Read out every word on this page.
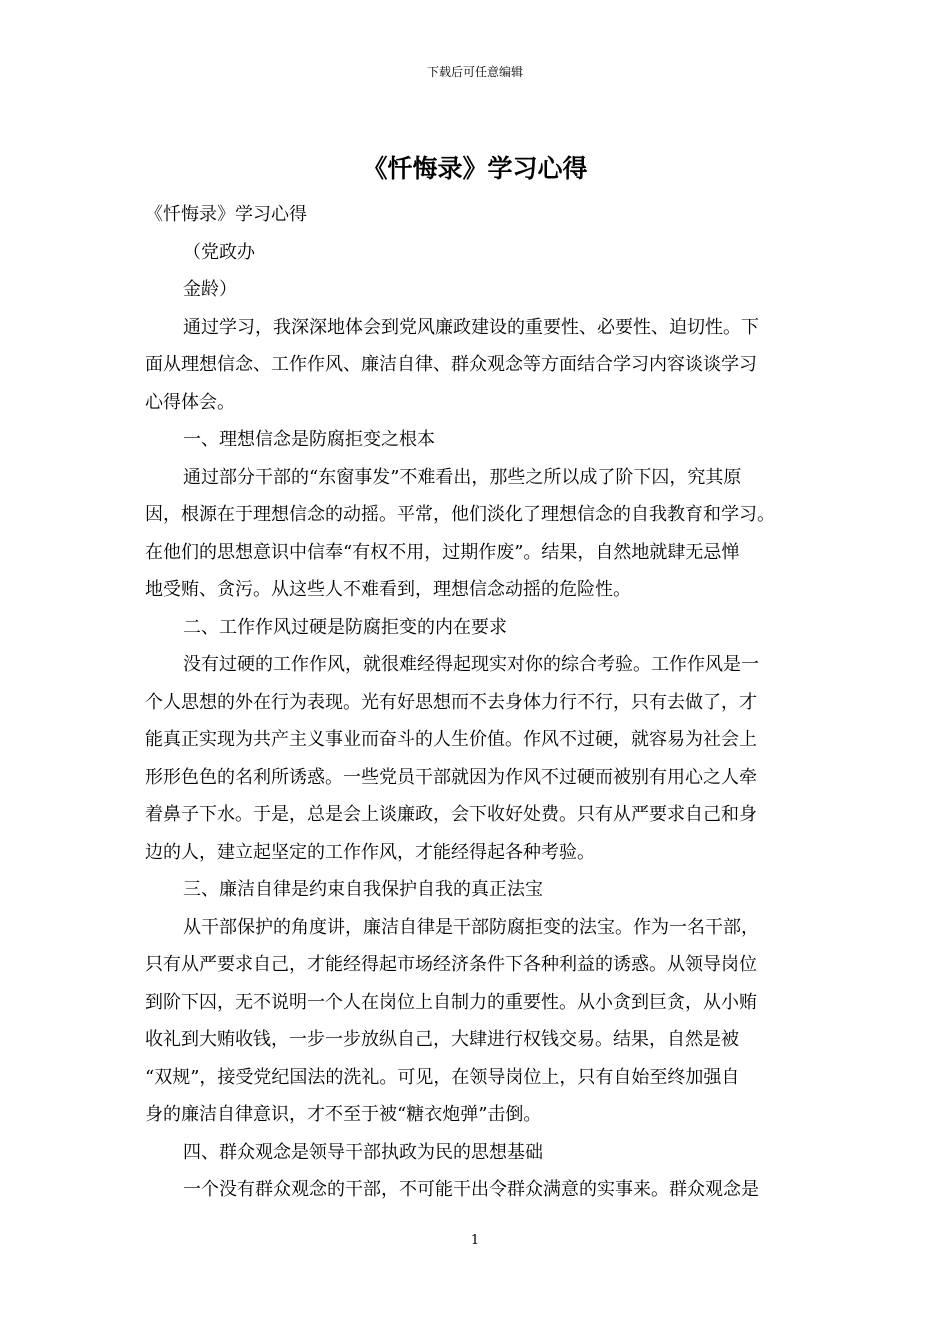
下载后可任意编辑
《忏悔录》学习心得

《忏悔录》学习心得

（党政办

金龄）

通过学习，我深深地体会到党风廉政建设的重要性、必要性、迫切性。下

面从理想信念、工作作风、廉洁自律、群众观念等方面结合学习内容谈谈学习

心得体会。

一、理想信念是防腐拒变之根本

通过部分干部的“东窗事发”不难看出，那些之所以成了阶下囚，究其原

因，根源在于理想信念的动摇。平常，他们淡化了理想信念的自我教育和学习。

在他们的思想意识中信奉“有权不用，过期作废”。结果，自然地就肆无忌惮

地受贿、贪污。从这些人不难看到，理想信念动摇的危险性。

二、工作作风过硬是防腐拒变的内在要求

没有过硬的工作作风，就很难经得起现实对你的综合考验。工作作风是一

个人思想的外在行为表现。光有好思想而不去身体力行不行，只有去做了，才

能真正实现为共产主义事业而奋斗的人生价值。作风不过硬，就容易为社会上

形形色色的名利所诱惑。一些党员干部就因为作风不过硬而被别有用心之人牵

着鼻子下水。于是，总是会上谈廉政，会下收好处费。只有从严要求自己和身

边的人，建立起坚定的工作作风，才能经得起各种考验。

三、廉洁自律是约束自我保护自我的真正法宝

从干部保护的角度讲，廉洁自律是干部防腐拒变的法宝。作为一名干部，

只有从严要求自己，才能经得起市场经济条件下各种利益的诱惑。从领导岗位

到阶下囚，无不说明一个人在岗位上自制力的重要性。从小贪到巨贪，从小贿

收礼到大贿收钱，一步一步放纵自己，大肆进行权钱交易。结果，自然是被

“双规”，接受党纪国法的洗礼。可见，在领导岗位上，只有自始至终加强自

身的廉洁自律意识，才不至于被“糖衣炮弹”击倒。

四、群众观念是领导干部执政为民的思想基础

一个没有群众观念的干部，不可能干出令群众满意的实事来。群众观念是

1
